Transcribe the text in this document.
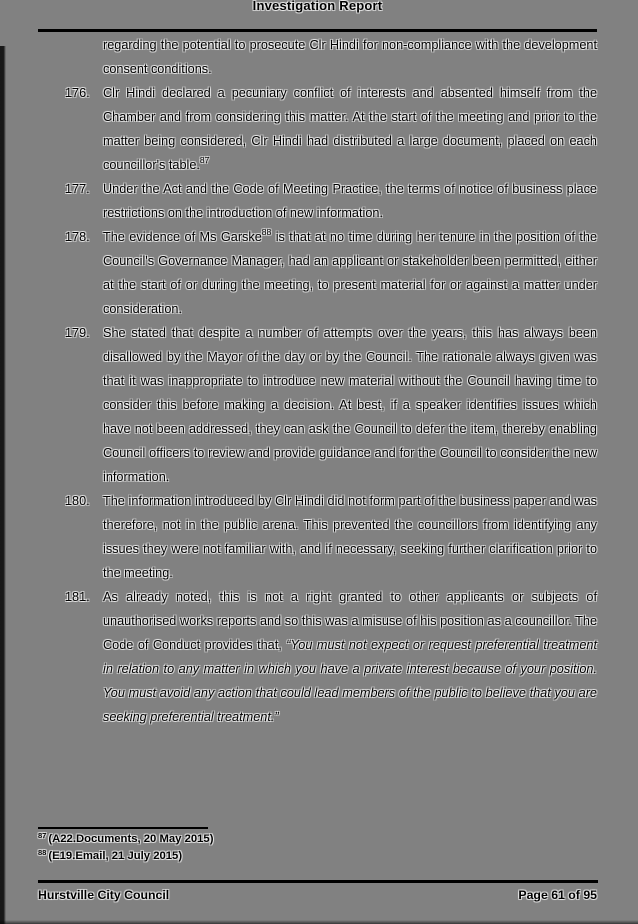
Investigation Report
regarding the potential to prosecute Clr Hindi for non-compliance with the development consent conditions.
176.	Clr Hindi declared a pecuniary conflict of interests and absented himself from the Chamber and from considering this matter. At the start of the meeting and prior to the matter being considered, Clr Hindi had distributed a large document, placed on each councillor's table.$^{87}$
177.	Under the Act and the Code of Meeting Practice, the terms of notice of business place restrictions on the introduction of new information.
178.	The evidence of Ms Garske$^{88}$ is that at no time during her tenure in the position of the Council's Governance Manager, had an applicant or stakeholder been permitted, either at the start of or during the meeting, to present material for or against a matter under consideration.
179.	She stated that despite a number of attempts over the years, this has always been disallowed by the Mayor of the day or by the Council. The rationale always given was that it was inappropriate to introduce new material without the Council having time to consider this before making a decision. At best, if a speaker identifies issues which have not been addressed, they can ask the Council to defer the item, thereby enabling Council officers to review and provide guidance and for the Council to consider the new information.
180.	The information introduced by Clr Hindi did not form part of the business paper and was therefore, not in the public arena. This prevented the councillors from identifying any issues they were not familiar with, and if necessary, seeking further clarification prior to the meeting.
181.	As already noted, this is not a right granted to other applicants or subjects of unauthorised works reports and so this was a misuse of his position as a councillor. The Code of Conduct provides that, “You must not expect or request preferential treatment in relation to any matter in which you have a private interest because of your position. You must avoid any action that could lead members of the public to believe that you are seeking preferential treatment.”
$^{87}$ (A22.Documents, 20 May 2015)
$^{88}$ (E19.Email, 21 July 2015)
Hurstville City Council	Page 61 of 95
